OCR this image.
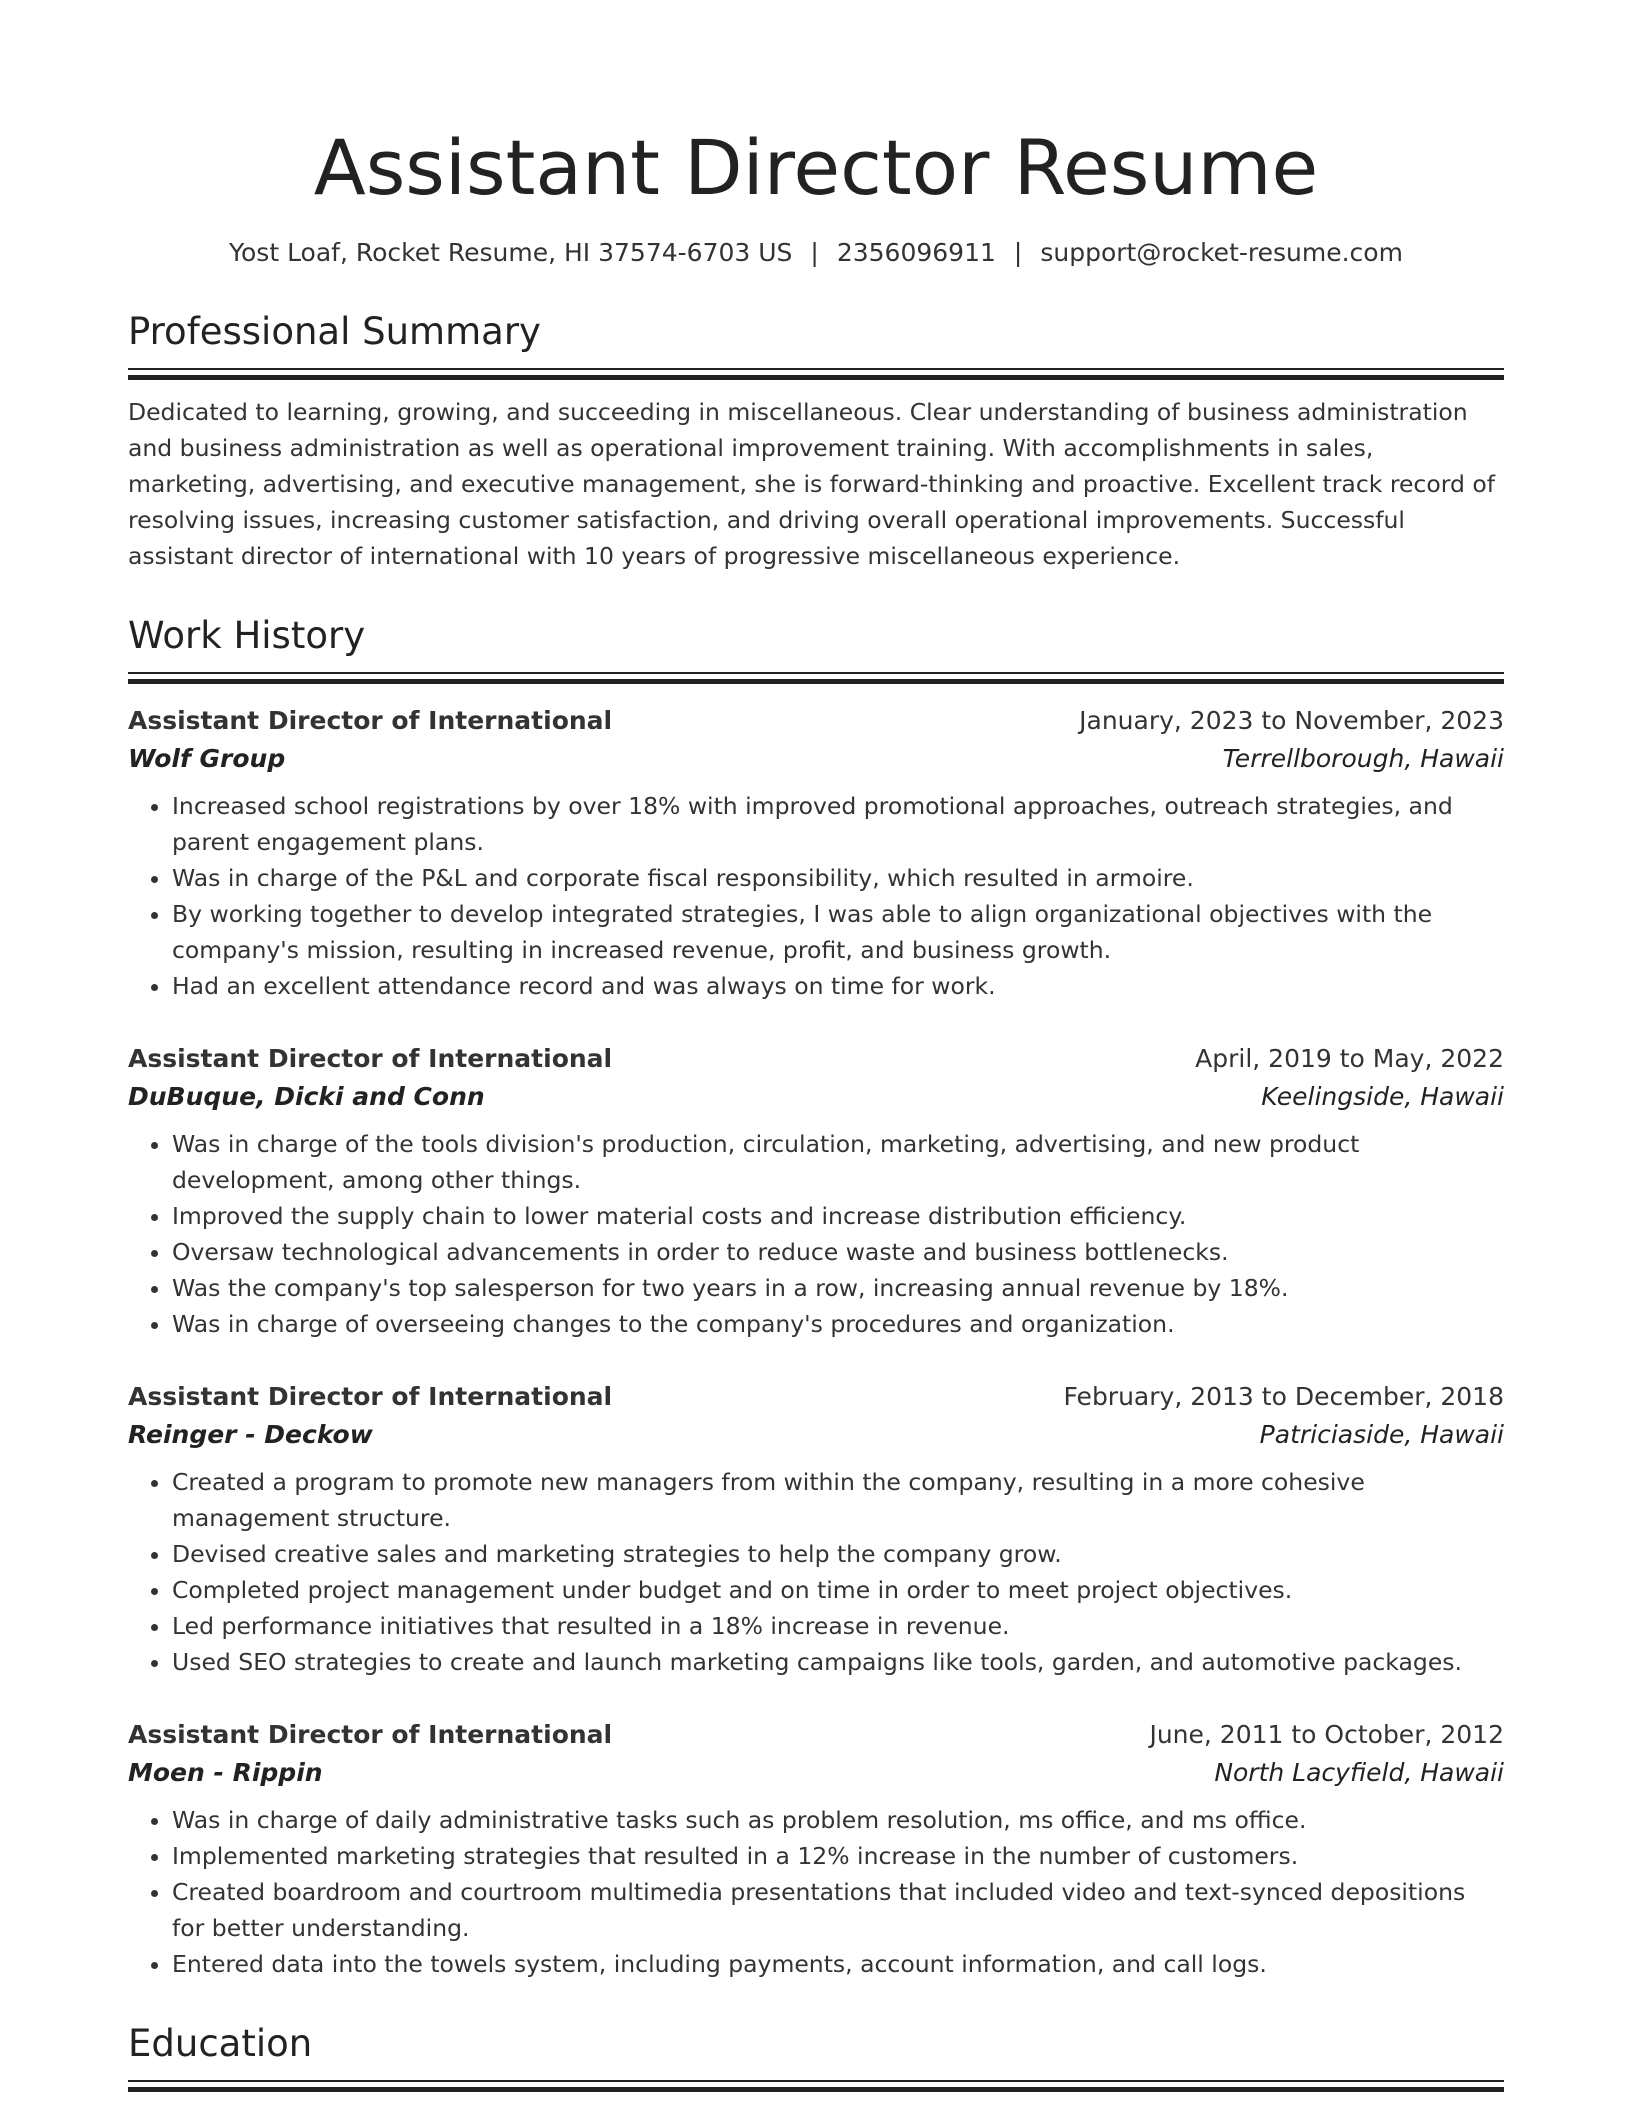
Assistant Director Resume
Yost Loaf, Rocket Resume, HI 37574-6703 US | 2356096911 | support@rocket-resume.com
Professional Summary
Dedicated to learning, growing, and succeeding in miscellaneous. Clear understanding of business administration and business administration as well as operational improvement training. With accomplishments in sales, marketing, advertising, and executive management, she is forward-thinking and proactive. Excellent track record of resolving issues, increasing customer satisfaction, and driving overall operational improvements. Successful assistant director of international with 10 years of progressive miscellaneous experience.
Work History
Assistant Director of International	January, 2023 to November, 2023
Wolf Group	Terrellborough, Hawaii
• Increased school registrations by over 18% with improved promotional approaches, outreach strategies, and parent engagement plans.
• Was in charge of the P&L and corporate fiscal responsibility, which resulted in armoire.
• By working together to develop integrated strategies, I was able to align organizational objectives with the company's mission, resulting in increased revenue, profit, and business growth.
• Had an excellent attendance record and was always on time for work.
Assistant Director of International	April, 2019 to May, 2022
DuBuque, Dicki and Conn	Keelingside, Hawaii
• Was in charge of the tools division's production, circulation, marketing, advertising, and new product development, among other things.
• Improved the supply chain to lower material costs and increase distribution efficiency.
• Oversaw technological advancements in order to reduce waste and business bottlenecks.
• Was the company's top salesperson for two years in a row, increasing annual revenue by 18%.
• Was in charge of overseeing changes to the company's procedures and organization.
Assistant Director of International	February, 2013 to December, 2018
Reinger - Deckow	Patriciaside, Hawaii
• Created a program to promote new managers from within the company, resulting in a more cohesive management structure.
• Devised creative sales and marketing strategies to help the company grow.
• Completed project management under budget and on time in order to meet project objectives.
• Led performance initiatives that resulted in a 18% increase in revenue.
• Used SEO strategies to create and launch marketing campaigns like tools, garden, and automotive packages.
Assistant Director of International	June, 2011 to October, 2012
Moen - Rippin	North Lacyfield, Hawaii
• Was in charge of daily administrative tasks such as problem resolution, ms office, and ms office.
• Implemented marketing strategies that resulted in a 12% increase in the number of customers.
• Created boardroom and courtroom multimedia presentations that included video and text-synced depositions for better understanding.
• Entered data into the towels system, including payments, account information, and call logs.
Education
